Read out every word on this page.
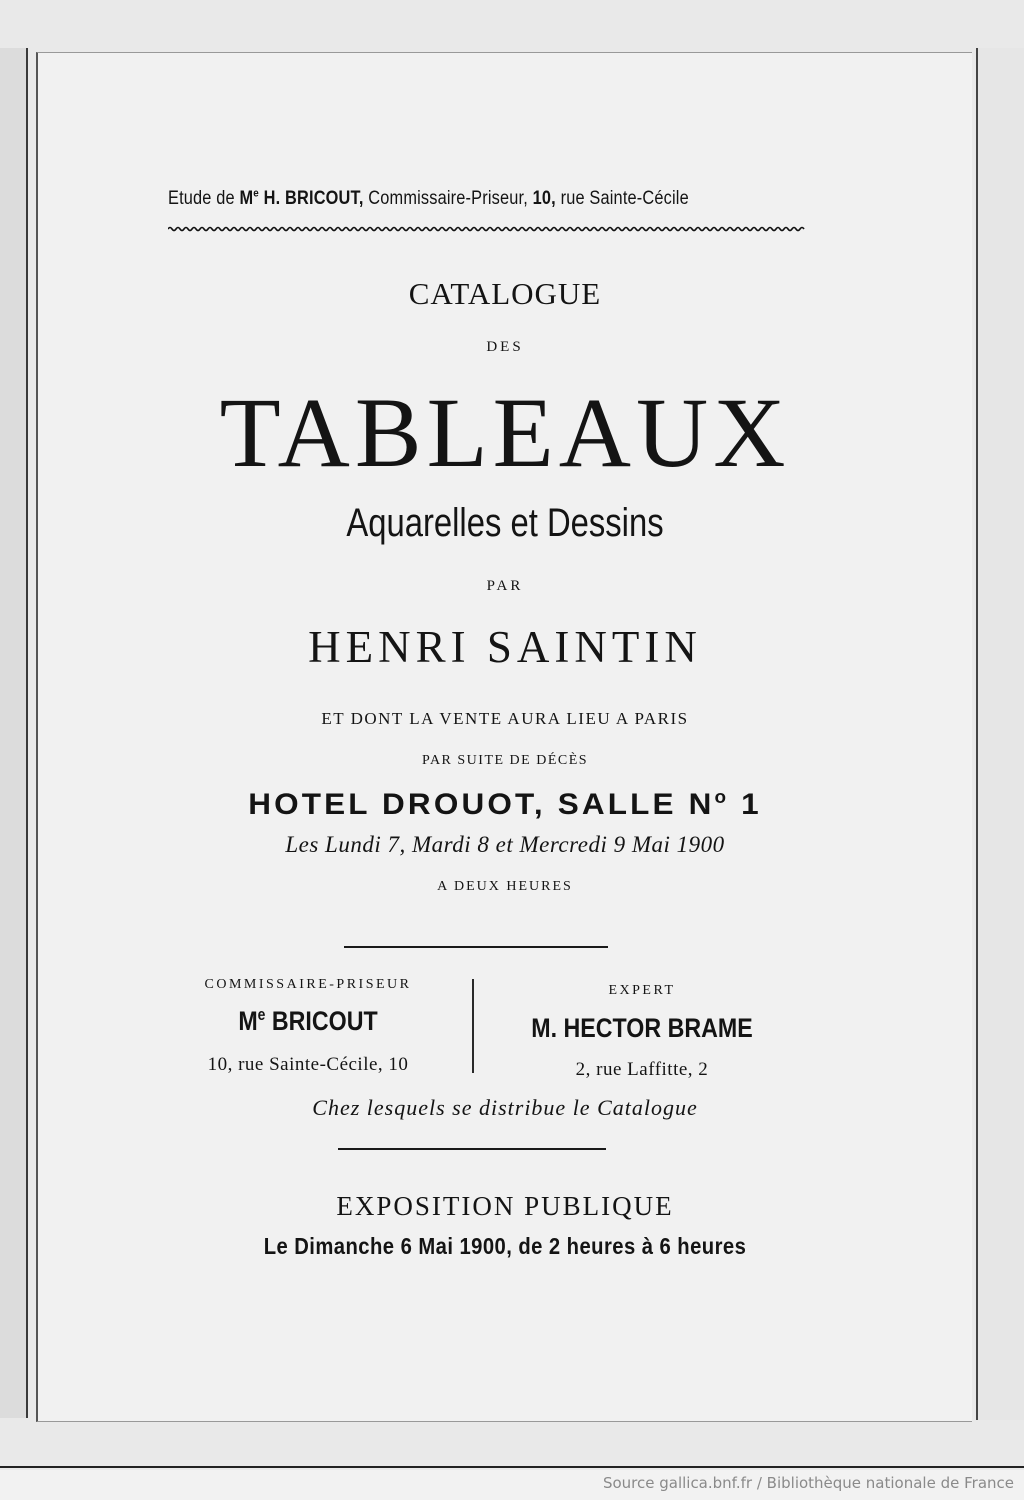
Etude de Me H. BRICOUT, Commissaire-Priseur, 10, rue Sainte-Cécile
CATALOGUE
DES
TABLEAUX
Aquarelles et Dessins
PAR
HENRI SAINTIN
ET DONT LA VENTE AURA LIEU A PARIS
PAR SUITE DE DÉCÈS
HOTEL DROUOT, SALLE $N^o$ 1
Les Lundi 7, Mardi 8 et Mercredi 9 Mai 1900
A DEUX HEURES
COMMISSAIRE-PRISEUR
Me BRICOUT
10, rue Sainte-Cécile, 10
EXPERT
M. HECTOR BRAME
2, rue Laffitte, 2
Chez lesquels se distribue le Catalogue
EXPOSITION PUBLIQUE
Le Dimanche 6 Mai 1900, de 2 heures à 6 heures
Source gallica.bnf.fr / Bibliothèque nationale de France
